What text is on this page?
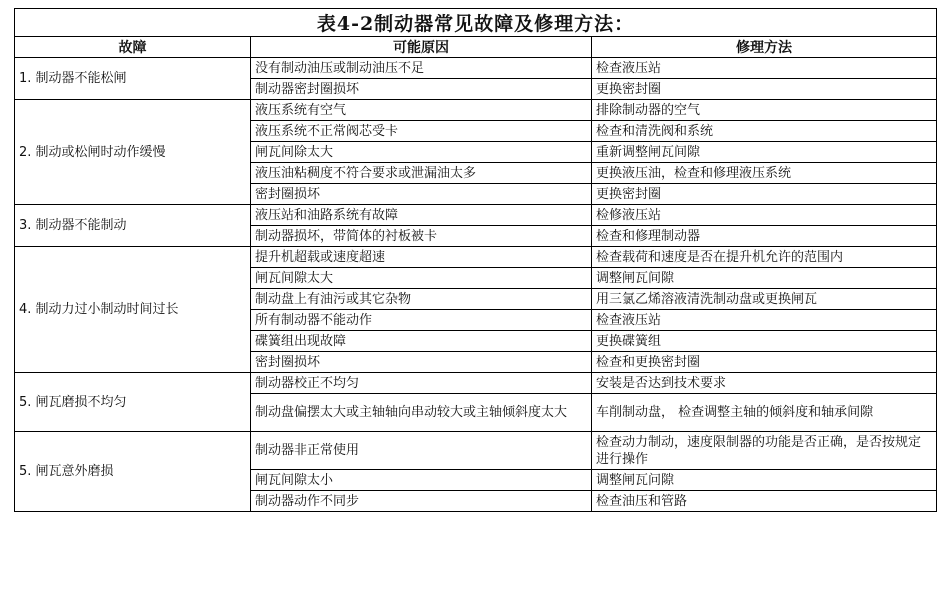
表4-2制动器常见故障及修理方法：		
故障	可能原因	修理方法
1. 制动器不能松闸	没有制动油压或制动油压不足	检查液压站
	制动器密封圈损坏	更换密封圈
2. 制动或松闸时动作缓慢	液压系统有空气	排除制动器的空气
	液压系统不正常阀芯受卡	检查和清洗阀和系统
	闸瓦间除太大	重新调整闸瓦间隙
	液压油粘稠度不符合要求或泄漏油太多	更换液压油，检查和修理液压系统
	密封圈损坏	更换密封圈
3. 制动器不能制动	液压站和油路系统有故障	检修液压站
	制动器损坏，带简体的衬板被卡	检查和修理制动器
4. 制动力过小制动时间过长	提升机超载或速度超速	检查载荷和速度是否在提升机允许的范围内
	闸瓦间隙太大	调整闸瓦间隙
	制动盘上有油污或其它杂物	用三氯乙烯溶液清洗制动盘或更换闸瓦
	所有制动器不能动作	检查液压站
	碟簧组出现故障	更换碟簧组
	密封圈损坏	检查和更换密封圈
5. 闸瓦磨损不均匀	制动器校正不均匀	安装是否达到技术要求
	制动盘偏摆太大或主轴轴向串动较大或主轴倾斜度太大	车削制动盘， 检查调整主轴的倾斜度和轴承间隙
5. 闸瓦意外磨损	制动器非正常使用	检查动力制动，速度限制器的功能是否正确，是否按规定进行操作
	闸瓦间隙太小	调整闸瓦问隙
	制动器动作不同步	检查油压和管路
